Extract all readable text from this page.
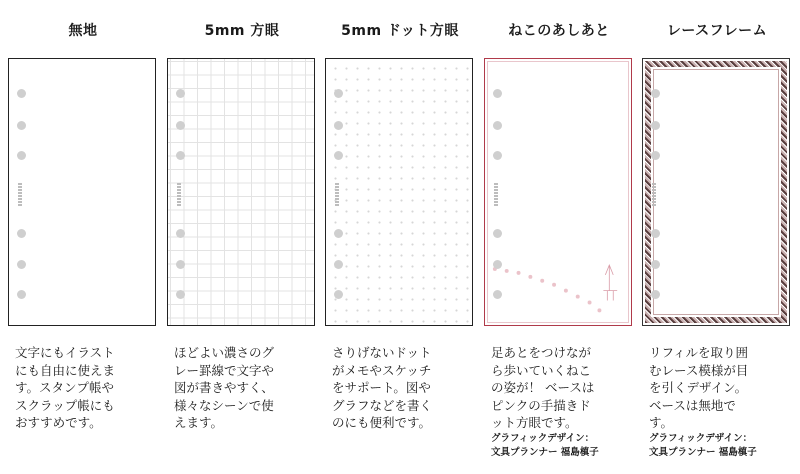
無地
文字にもイラスト
にも自由に使えま
す。スタンプ帳や
スクラップ帳にも
おすすめです。
5mm 方眼
ほどよい濃さのグ
レー罫線で文字や
図が書きやすく、
様々なシーンで使
えます。
5mm ドット方眼
さりげないドット
がメモやスケッチ
をサポート。図や
グラフなどを書く
のにも便利です。
ねこのあしあと
足あとをつけなが
ら歩いていくねこ
の姿が！ ベースは
ピンクの手描きド
ット方眼です。
グラフィックデザイン：
文具プランナー 福島槙子
レースフレーム
リフィルを取り囲
むレース模様が目
を引くデザイン。
ベースは無地で
す。
グラフィックデザイン：
文具プランナー 福島槙子
